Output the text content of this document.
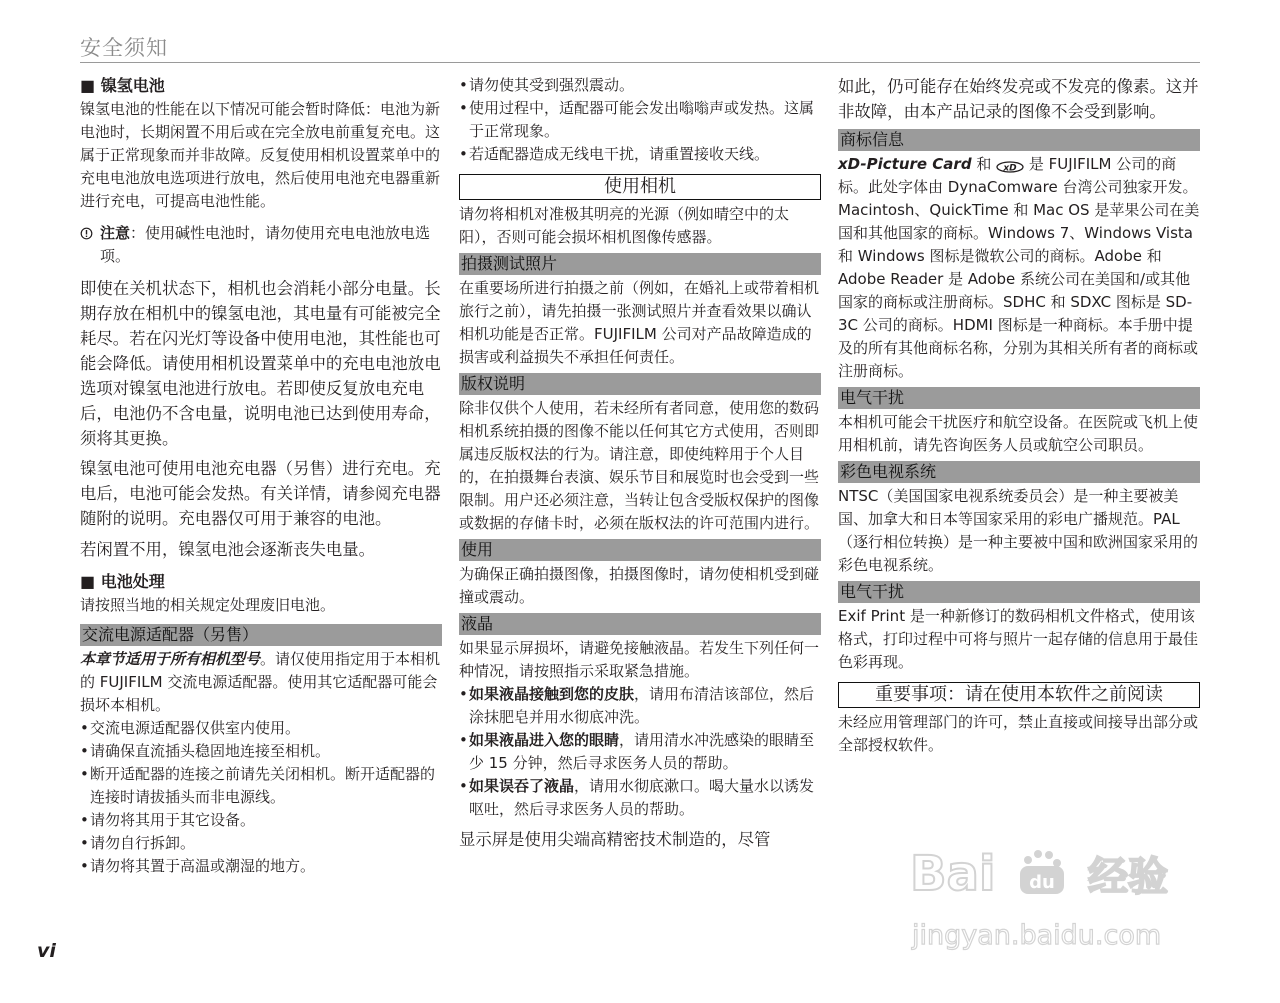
安全须知

■ 镍氢电池

镍氢电池的性能在以下情况可能会暂时降低：电池为新电池时，长期闲置不用后或在完全放电前重复充电。这属于正常现象而并非故障。反复使用相机设置菜单中的充电电池放电选项进行放电，然后使用电池充电器重新进行充电，可提高电池性能。

注意：使用碱性电池时，请勿使用充电电池放电选项。

即使在关机状态下，相机也会消耗小部分电量。长期存放在相机中的镍氢电池，其电量有可能被完全耗尽。若在闪光灯等设备中使用电池，其性能也可能会降低。请使用相机设置菜单中的充电电池放电选项对镍氢电池进行放电。若即使反复放电充电后，电池仍不含电量，说明电池已达到使用寿命，须将其更换。

镍氢电池可使用电池充电器（另售）进行充电。充电后，电池可能会发热。有关详情，请参阅充电器随附的说明。充电器仅可用于兼容的电池。

若闲置不用，镍氢电池会逐渐丧失电量。

■ 电池处理

请按照当地的相关规定处理废旧电池。

交流电源适配器（另售）

本章节适用于所有相机型号。请仅使用指定用于本相机的 FUJIFILM 交流电源适配器。使用其它适配器可能会损坏本相机。

• 交流电源适配器仅供室内使用。
• 请确保直流插头稳固地连接至相机。
• 断开适配器的连接之前请先关闭相机。断开适配器的连接时请拔插头而非电源线。
• 请勿将其用于其它设备。
• 请勿自行拆卸。
• 请勿将其置于高温或潮湿的地方。
• 请勿使其受到强烈震动。
• 使用过程中，适配器可能会发出嗡嗡声或发热。这属于正常现象。
• 若适配器造成无线电干扰，请重置接收天线。
使用相机

请勿将相机对准极其明亮的光源（例如晴空中的太阳），否则可能会损坏相机图像传感器。

拍摄测试照片

在重要场所进行拍摄之前（例如，在婚礼上或带着相机旅行之前），请先拍摄一张测试照片并查看效果以确认相机功能是否正常。FUJIFILM 公司对产品故障造成的损害或利益损失不承担任何责任。

版权说明

除非仅供个人使用，若未经所有者同意，使用您的数码相机系统拍摄的图像不能以任何其它方式使用，否则即属违反版权法的行为。请注意，即使纯粹用于个人目的，在拍摄舞台表演、娱乐节目和展览时也会受到一些限制。用户还必须注意，当转让包含受版权保护的图像或数据的存储卡时，必须在版权法的许可范围内进行。

使用

为确保正确拍摄图像，拍摄图像时，请勿使相机受到碰撞或震动。

液晶

如果显示屏损坏，请避免接触液晶。若发生下列任何一种情况，请按照指示采取紧急措施。

• 如果液晶接触到您的皮肤，请用布清洁该部位，然后涂抹肥皂并用水彻底冲洗。
• 如果液晶进入您的眼睛，请用清水冲洗感染的眼睛至少 15 分钟，然后寻求医务人员的帮助。
• 如果误吞了液晶，请用水彻底漱口。喝大量水以诱发呕吐，然后寻求医务人员的帮助。

显示屏是使用尖端高精密技术制造的，尽管

如此，仍可能存在始终发亮或不发亮的像素。这并非故障，由本产品记录的图像不会受到影响。

商标信息

xD-Picture Card 和 xD 是 FUJIFILM 公司的商标。此处字体由 DynaComware 台湾公司独家开发。Macintosh、QuickTime 和 Mac OS 是苹果公司在美国和其他国家的商标。Windows 7、Windows Vista 和 Windows 图标是微软公司的商标。Adobe 和 Adobe Reader 是 Adobe 系统公司在美国和/或其他国家的商标或注册商标。SDHC 和 SDXC 图标是 SD-3C 公司的商标。HDMI 图标是一种商标。本手册中提及的所有其他商标名称，分别为其相关所有者的商标或注册商标。

电气干扰

本相机可能会干扰医疗和航空设备。在医院或飞机上使用相机前，请先咨询医务人员或航空公司职员。

彩色电视系统

NTSC（美国国家电视系统委员会）是一种主要被美国、加拿大和日本等国家采用的彩电广播规范。PAL（逐行相位转换）是一种主要被中国和欧洲国家采用的彩色电视系统。

电气干扰

Exif Print 是一种新修订的数码相机文件格式，使用该格式，打印过程中可将与照片一起存储的信息用于最佳色彩再现。

重要事项：请在使用本软件之前阅读

未经应用管理部门的许可，禁止直接或间接导出部分或全部授权软件。

vi
Bai 经验
du
jingyan.baidu.com
